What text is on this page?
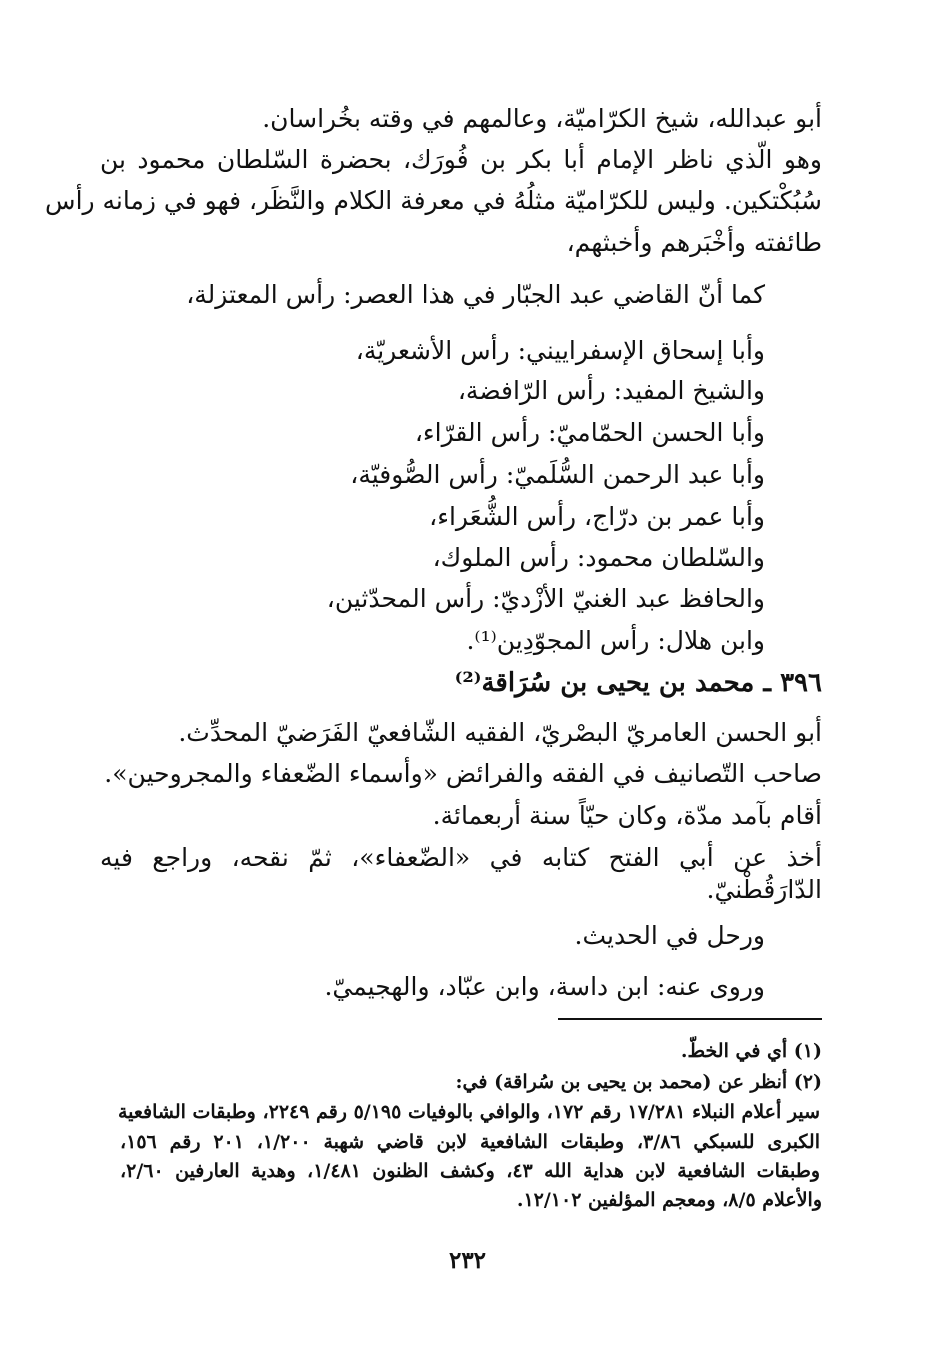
أبو عبدالله، شيخ الكرّاميّة، وعالمهم في وقته بخُراسان.
وهو الّذي ناظر الإمام أبا بكر بن فُورَك، بحضرة السّلطان محمود بن
سُبُكْتكين. وليس للكرّاميّة مثلُهُ في معرفة الكلام والنَّظَر، فهو في زمانه رأس
طائفته وأخْبَرهم وأخبثهم،
كما أنّ القاضي عبد الجبّار في هذا العصر: رأس المعتزلة،
وأبا إسحاق الإسفراييني: رأس الأشعريّة،
والشيخ المفيد: رأس الرّافضة،
وأبا الحسن الحمّاميّ: رأس القرّاء،
وأبا عبد الرحمن السُّلَميّ: رأس الصُّوفيّة،
وأبا عمر بن درّاج، رأس الشُّعَراء،
والسّلطان محمود: رأس الملوك،
والحافظ عبد الغنيّ الأزْديّ: رأس المحدّثين،
وابن هلال: رأس المجوّدِين⁽¹⁾.
٣٩٦ ـ محمد بن يحيى بن سُرَاقة⁽²⁾
أبو الحسن العامريّ البصْريّ، الفقيه الشّافعيّ الفَرَضيّ المحدِّث.
صاحب التّصانيف في الفقه والفرائض «وأسماء الضّعفاء والمجروحين».
أقام بآمد مدّة، وكان حيّاً سنة أربعمائة.
أخذ عن أبي الفتح كتابه في «الضّعفاء»، ثمّ نقحه، وراجع فيه
الدّارَقُطْنيّ.
ورحل في الحديث.
وروى عنه: ابن داسة، وابن عبّاد، والهجيميّ.
(١) أي في الخطّ.
(٢) أنظر عن (محمد بن يحيى بن سُراقة) في:
سير أعلام النبلاء ١٧/٢٨١ رقم ١٧٢، والوافي بالوفيات ٥/١٩٥ رقم ٢٢٤٩، وطبقات الشافعية
الكبرى للسبكي ٣/٨٦، وطبقات الشافعية لابن قاضي شهبة ١/٢٠٠، ٢٠١ رقم ١٥٦،
وطبقات الشافعية لابن هداية الله ٤٣، وكشف الظنون ١/٤٨١، وهدية العارفين ٢/٦٠،
والأعلام ٨/٥، ومعجم المؤلفين ١٢/١٠٢.
٢٣٢
